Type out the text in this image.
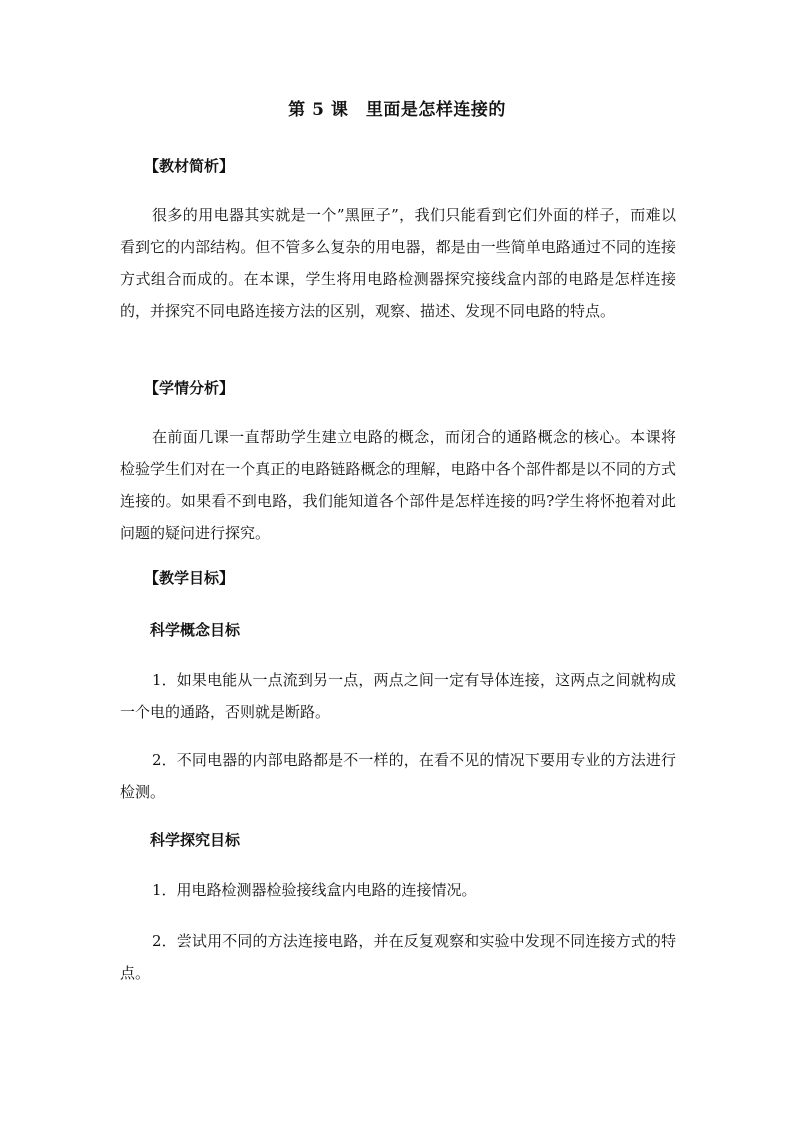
第 5 课　里面是怎样连接的
【教材简析】
很多的用电器其实就是一个”黑匣子”，我们只能看到它们外面的样子，而难以看到它的内部结构。但不管多么复杂的用电器，都是由一些简单电路通过不同的连接方式组合而成的。在本课，学生将用电路检测器探究接线盒内部的电路是怎样连接的，并探究不同电路连接方法的区别，观察、描述、发现不同电路的特点。
【学情分析】
在前面几课一直帮助学生建立电路的概念，而闭合的通路概念的核心。本课将检验学生们对在一个真正的电路链路概念的理解，电路中各个部件都是以不同的方式连接的。如果看不到电路，我们能知道各个部件是怎样连接的吗?学生将怀抱着对此问题的疑问进行探究。
【教学目标】
科学概念目标
1．如果电能从一点流到另一点，两点之间一定有导体连接，这两点之间就构成一个电的通路，否则就是断路。
2．不同电器的内部电路都是不一样的，在看不见的情况下要用专业的方法进行检测。
科学探究目标
1．用电路检测器检验接线盒内电路的连接情况。
2．尝试用不同的方法连接电路，并在反复观察和实验中发现不同连接方式的特点。
